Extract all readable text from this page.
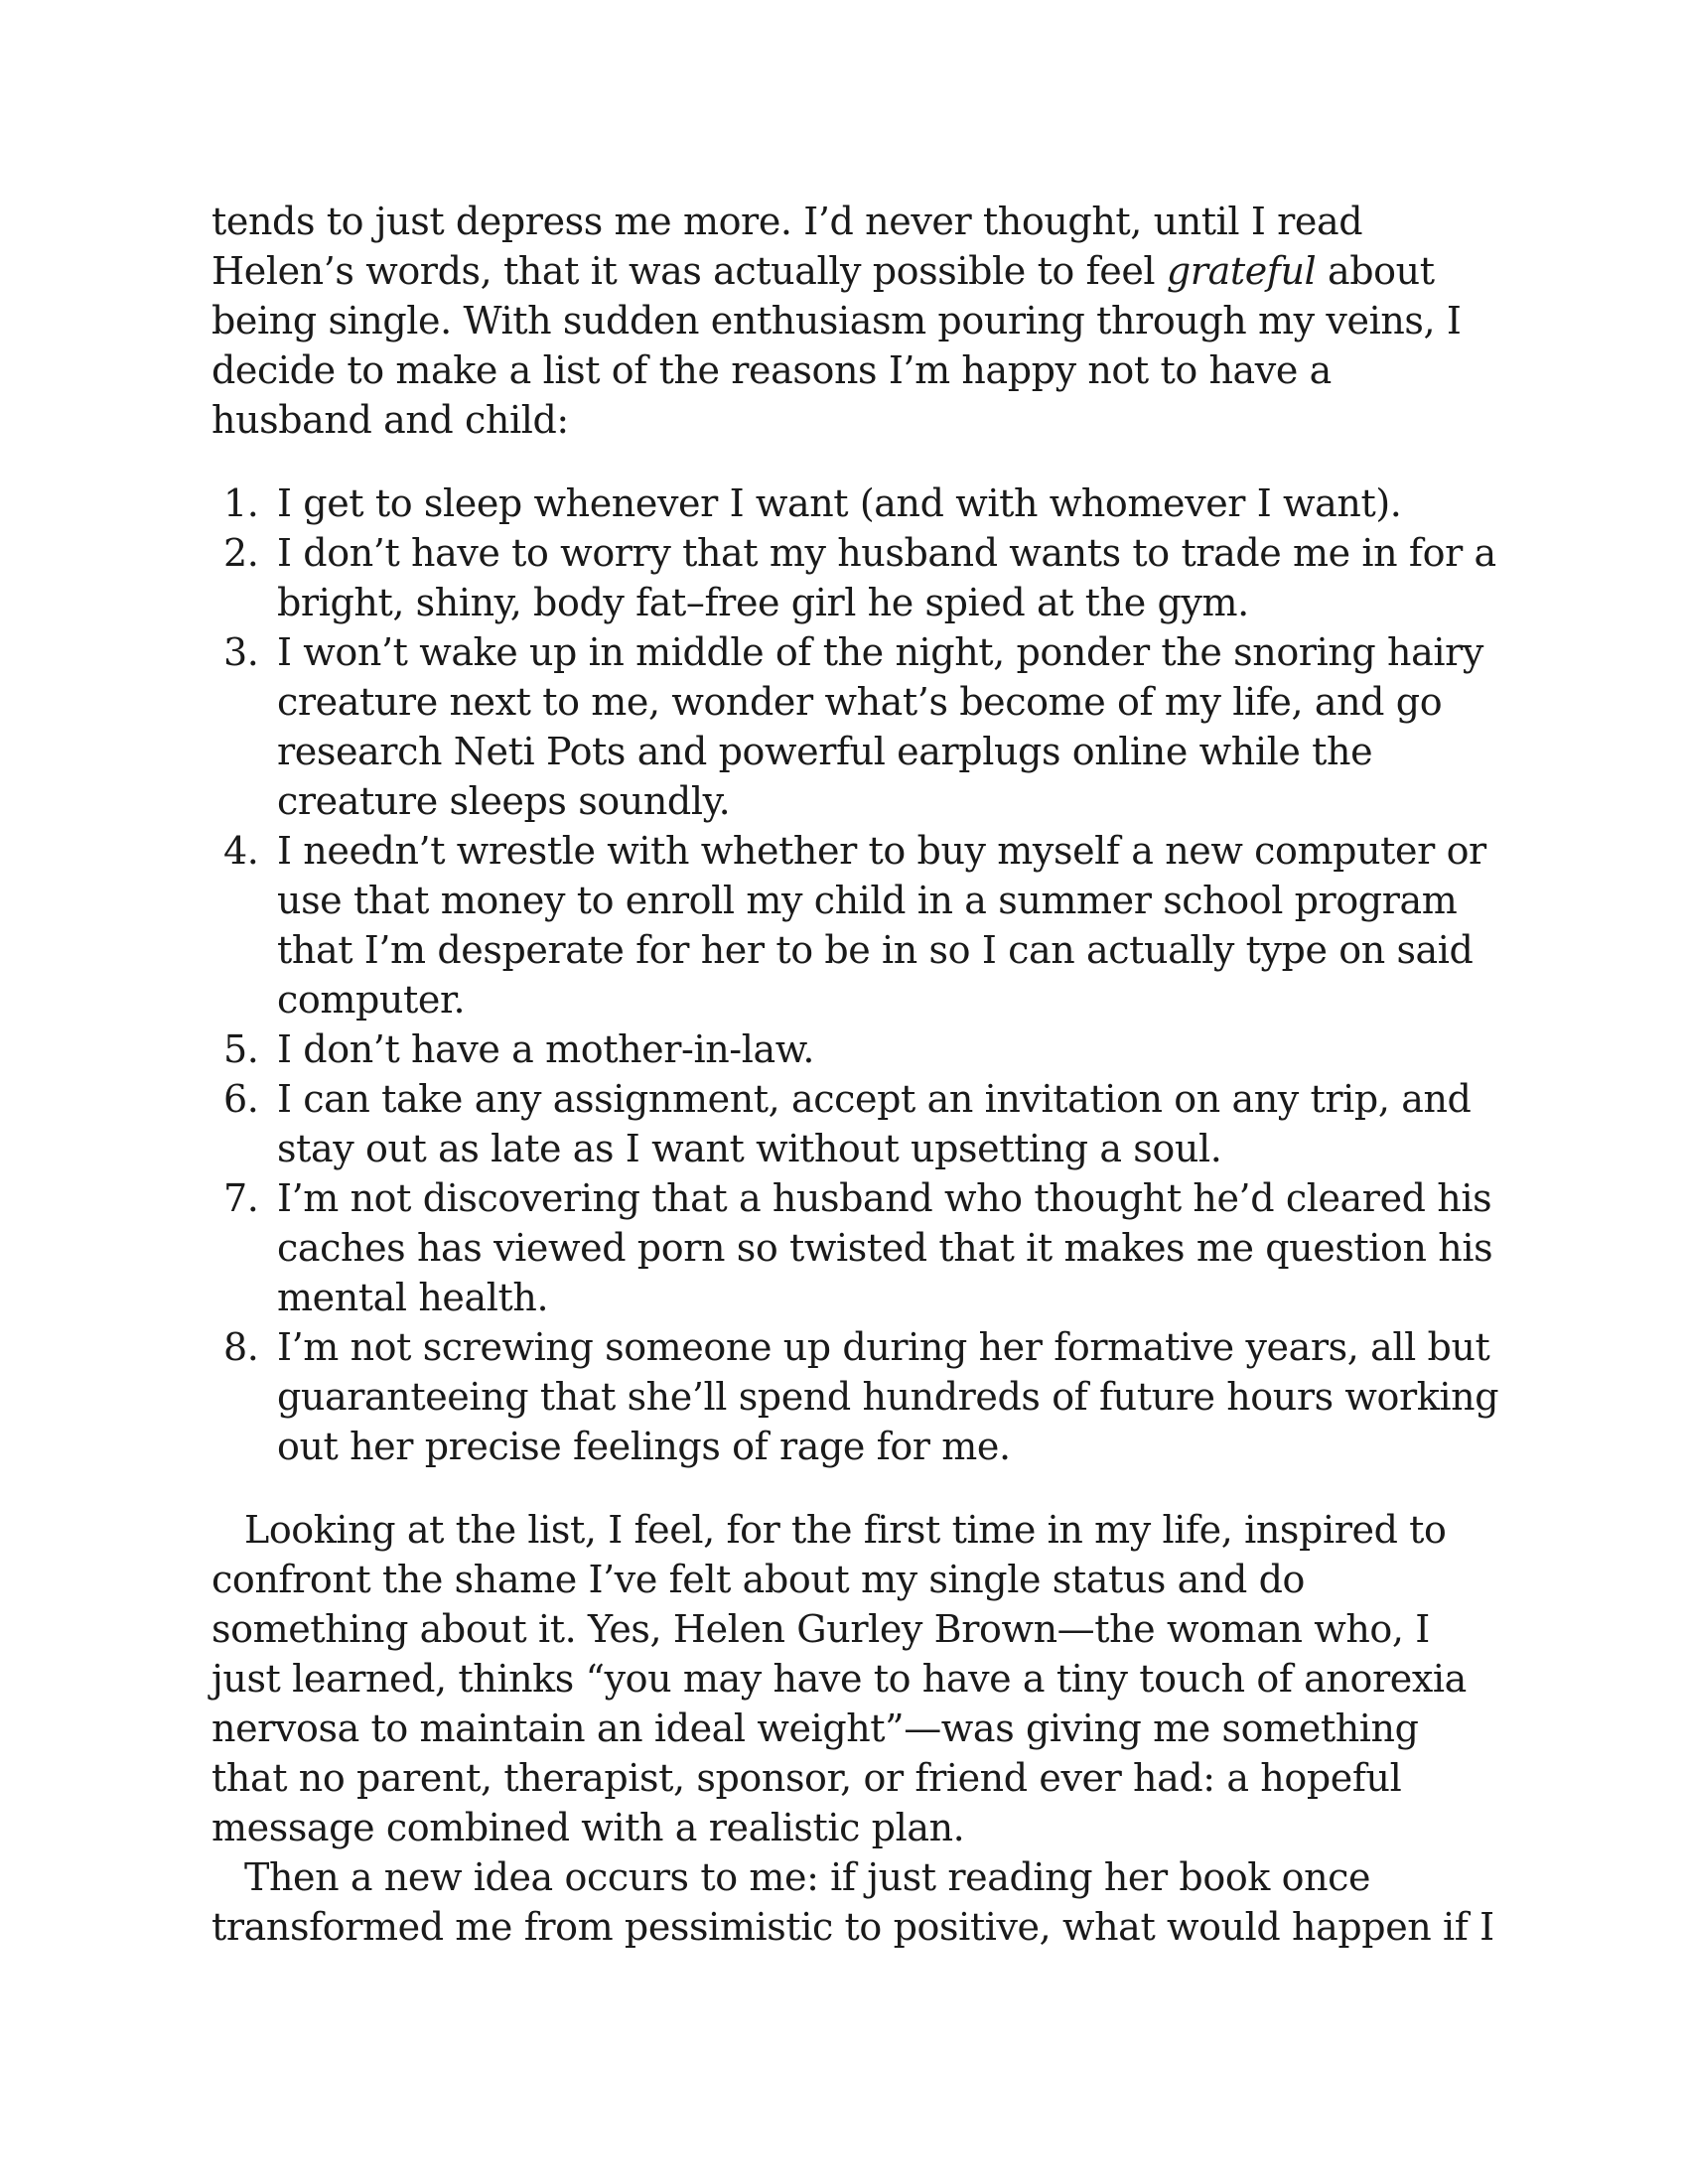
tends to just depress me more. I’d never thought, until I read Helen’s words, that it was actually possible to feel grateful about being single. With sudden enthusiasm pouring through my veins, I decide to make a list of the reasons I’m happy not to have a husband and child:

1. I get to sleep whenever I want (and with whomever I want).
2. I don’t have to worry that my husband wants to trade me in for a bright, shiny, body fat–free girl he spied at the gym.
3. I won’t wake up in middle of the night, ponder the snoring hairy creature next to me, wonder what’s become of my life, and go research Neti Pots and powerful earplugs online while the creature sleeps soundly.
4. I needn’t wrestle with whether to buy myself a new computer or use that money to enroll my child in a summer school program that I’m desperate for her to be in so I can actually type on said computer.
5. I don’t have a mother-in-law.
6. I can take any assignment, accept an invitation on any trip, and stay out as late as I want without upsetting a soul.
7. I’m not discovering that a husband who thought he’d cleared his caches has viewed porn so twisted that it makes me question his mental health.
8. I’m not screwing someone up during her formative years, all but guaranteeing that she’ll spend hundreds of future hours working out her precise feelings of rage for me.

Looking at the list, I feel, for the first time in my life, inspired to confront the shame I’ve felt about my single status and do something about it. Yes, Helen Gurley Brown—the woman who, I just learned, thinks “you may have to have a tiny touch of anorexia nervosa to maintain an ideal weight”—was giving me something that no parent, therapist, sponsor, or friend ever had: a hopeful message combined with a realistic plan.

Then a new idea occurs to me: if just reading her book once transformed me from pessimistic to positive, what would happen if I
